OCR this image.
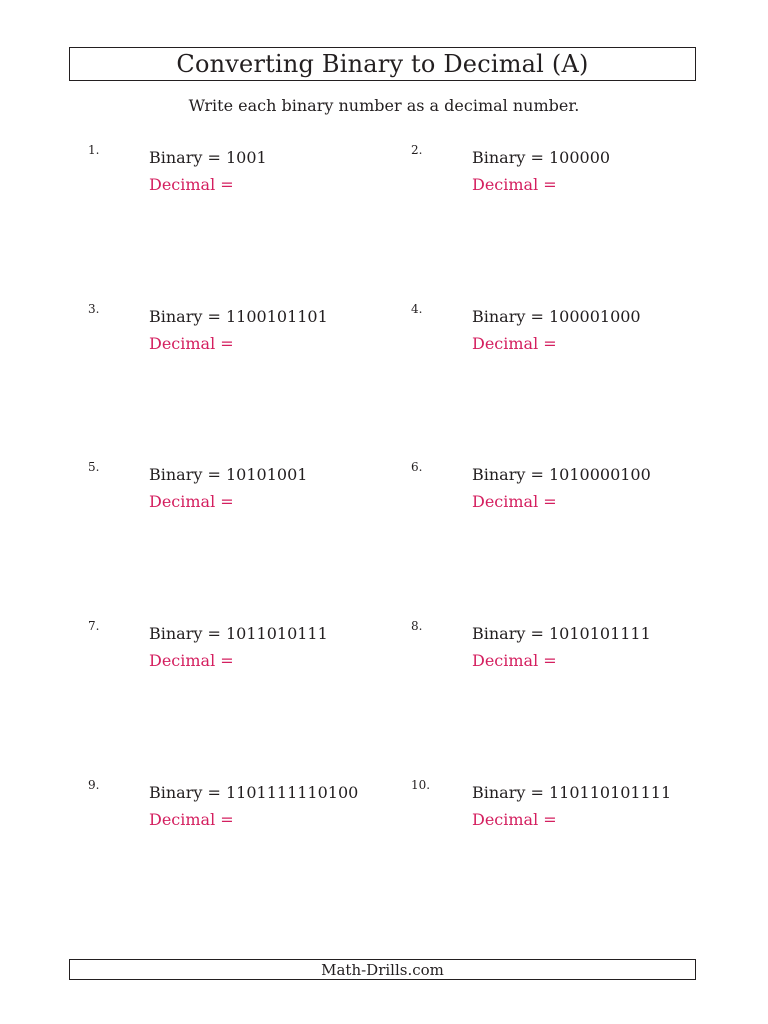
Converting Binary to Decimal (A)
Write each binary number as a decimal number.
1.	Binary = 1001
Decimal =
2.	Binary = 100000
Decimal =
3.	Binary = 1100101101
Decimal =
4.	Binary = 100001000
Decimal =
5.	Binary = 10101001
Decimal =
6.	Binary = 1010000100
Decimal =
7.	Binary = 1011010111
Decimal =
8.	Binary = 1010101111
Decimal =
9.	Binary = 1101111110100
Decimal =
10.	Binary = 110110101111
Decimal =
Math-Drills.com
